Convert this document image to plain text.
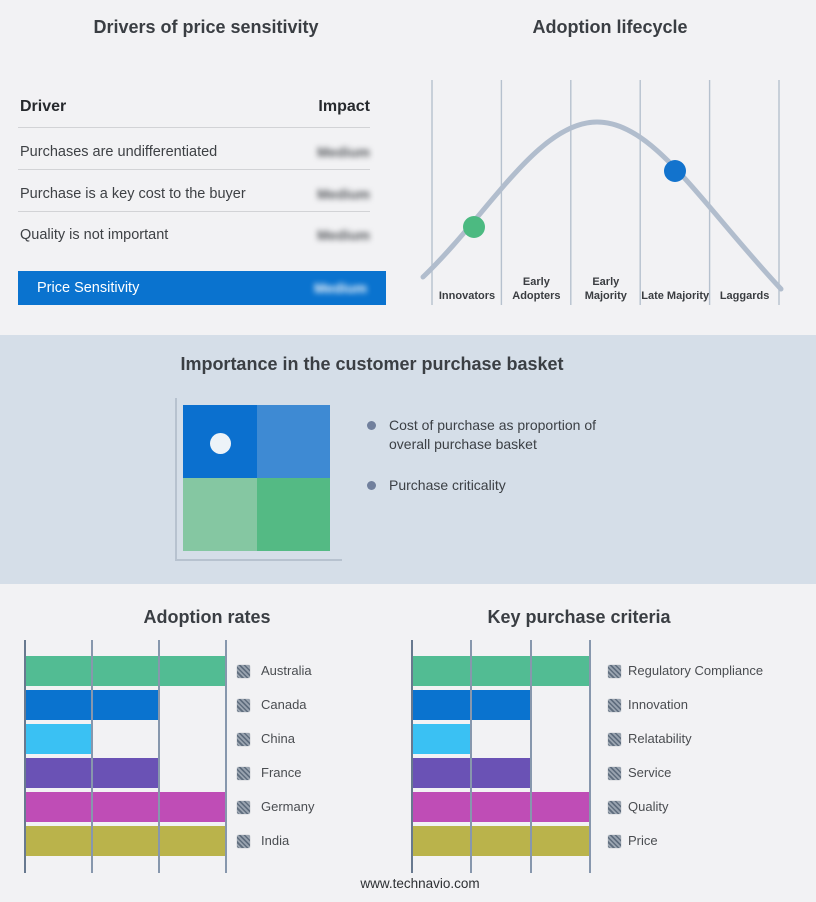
Drivers of price sensitivity
Driver	Impact
Purchases are undifferentiated	Medium
Purchase is a key cost to the buyer	Medium
Quality is not important	Medium
Price Sensitivity	Medium
Adoption lifecycle
Innovators
Early Adopters
Early Majority	Late Majority Laggards
Importance in the customer purchase basket
Cost of purchase as proportion of overall purchase basket
Purchase criticality
Adoption rates	Key purchase criteria
Australia
Canada
China
France
Germany
India
Regulatory Compliance
Innovation
Relatability
Service
Quality
Price
www.technavio.com
